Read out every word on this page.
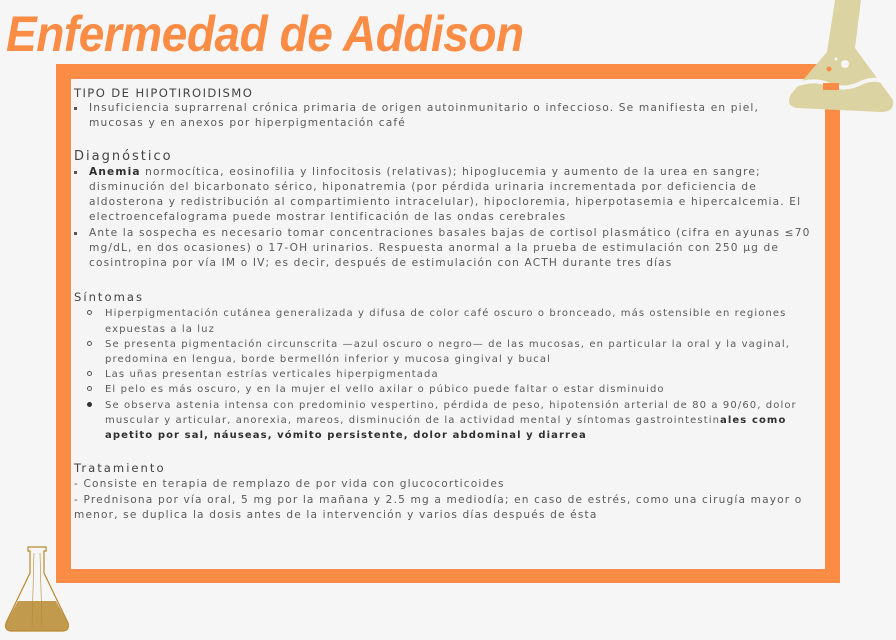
Enfermedad de Addison
TIPO DE HIPOTIROIDISMO
Insuficiencia suprarrenal crónica primaria de origen autoinmunitario o infeccioso. Se manifiesta en piel, mucosas y en anexos por hiperpigmentación café
Diagnóstico
Anemia normocítica, eosinofilia y linfocitosis (relativas); hipoglucemia y aumento de la urea en sangre; disminución del bicarbonato sérico, hiponatremia (por pérdida urinaria incrementada por deficiencia de aldosterona y redistribución al compartimiento intracelular), hipocloremia, hiperpotasemia e hipercalcemia. El electroencefalograma puede mostrar lentificación de las ondas cerebrales
Ante la sospecha es necesario tomar concentraciones basales bajas de cortisol plasmático (cifra en ayunas ≤70 mg/dL, en dos ocasiones) o 17-OH urinarios. Respuesta anormal a la prueba de estimulación con 250 µg de cosintropina por vía IM o IV; es decir, después de estimulación con ACTH durante tres días
Síntomas
Hiperpigmentación cutánea generalizada y difusa de color café oscuro o bronceado, más ostensible en regiones expuestas a la luz
Se presenta pigmentación circunscrita —azul oscuro o negro— de las mucosas, en particular la oral y la vaginal, predomina en lengua, borde bermellón inferior y mucosa gingival y bucal
Las uñas presentan estrías verticales hiperpigmentada
El pelo es más oscuro, y en la mujer el vello axilar o púbico puede faltar o estar disminuido
Se observa astenia intensa con predominio vespertino, pérdida de peso, hipotensión arterial de 80 a 90/60, dolor muscular y articular, anorexia, mareos, disminución de la actividad mental y síntomas gastrointestinales como apetito por sal, náuseas, vómito persistente, dolor abdominal y diarrea
Tratamiento

- Consiste en terapia de remplazo de por vida con glucocorticoides

- Prednisona por vía oral, 5 mg por la mañana y 2.5 mg a mediodía; en caso de estrés, como una cirugía mayor o menor, se duplica la dosis antes de la intervención y varios días después de ésta
